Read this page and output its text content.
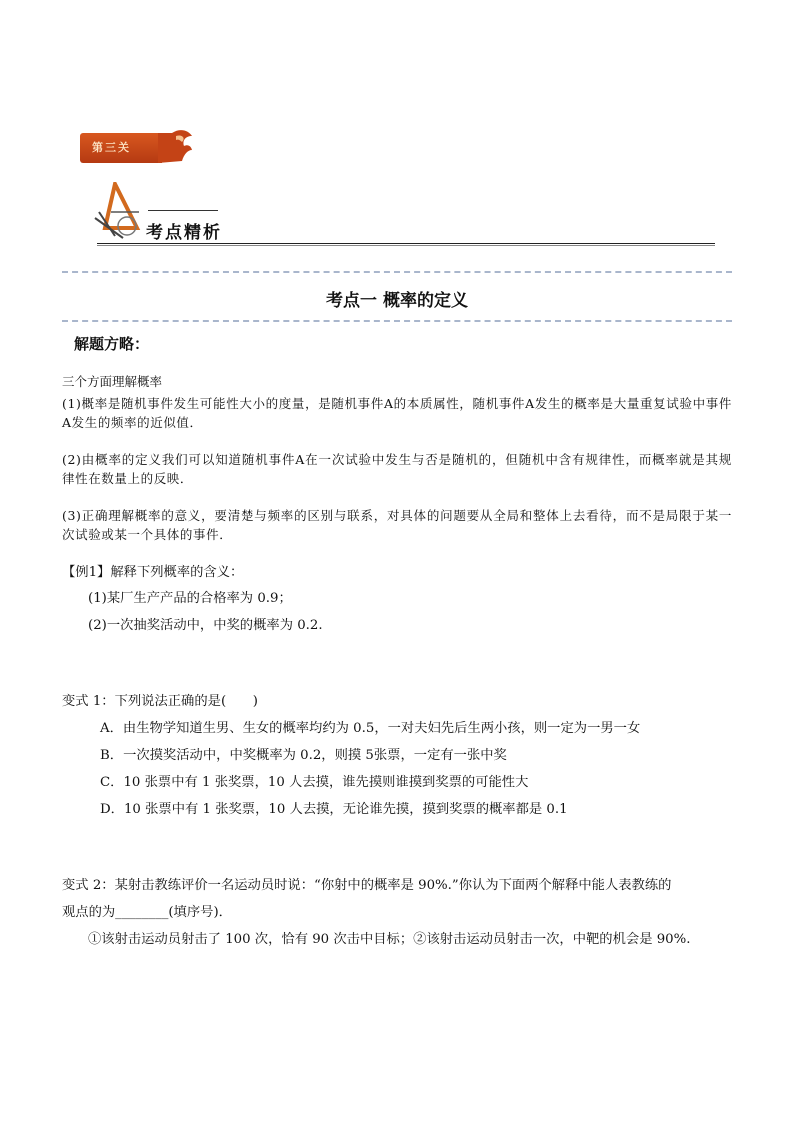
第三关
考点精析
考点一 概率的定义
解题方略：
三个方面理解概率
(1)概率是随机事件发生可能性大小的度量，是随机事件A的本质属性，随机事件A发生的概率是大量重复试验中事件A发生的频率的近似值．
(2)由概率的定义我们可以知道随机事件A在一次试验中发生与否是随机的，但随机中含有规律性，而概率就是其规律性在数量上的反映．
(3)正确理解概率的意义，要清楚与频率的区别与联系，对具体的问题要从全局和整体上去看待，而不是局限于某一次试验或某一个具体的事件．
【例1】解释下列概率的含义：
(1)某厂生产产品的合格率为 0.9；
(2)一次抽奖活动中，中奖的概率为 0.2.
变式 1：下列说法正确的是(　　)
A．由生物学知道生男、生女的概率均约为 0.5，一对夫妇先后生两小孩，则一定为一男一女
B．一次摸奖活动中，中奖概率为 0.2，则摸 5张票，一定有一张中奖
C．10 张票中有 1 张奖票，10 人去摸，谁先摸则谁摸到奖票的可能性大
D．10 张票中有 1 张奖票，10 人去摸，无论谁先摸，摸到奖票的概率都是 0.1
变式 2：某射击教练评价一名运动员时说：“你射中的概率是 90%.”你认为下面两个解释中能人表教练的
观点的为________(填序号)．
①该射击运动员射击了 100 次，恰有 90 次击中目标；②该射击运动员射击一次，中靶的机会是 90%.
